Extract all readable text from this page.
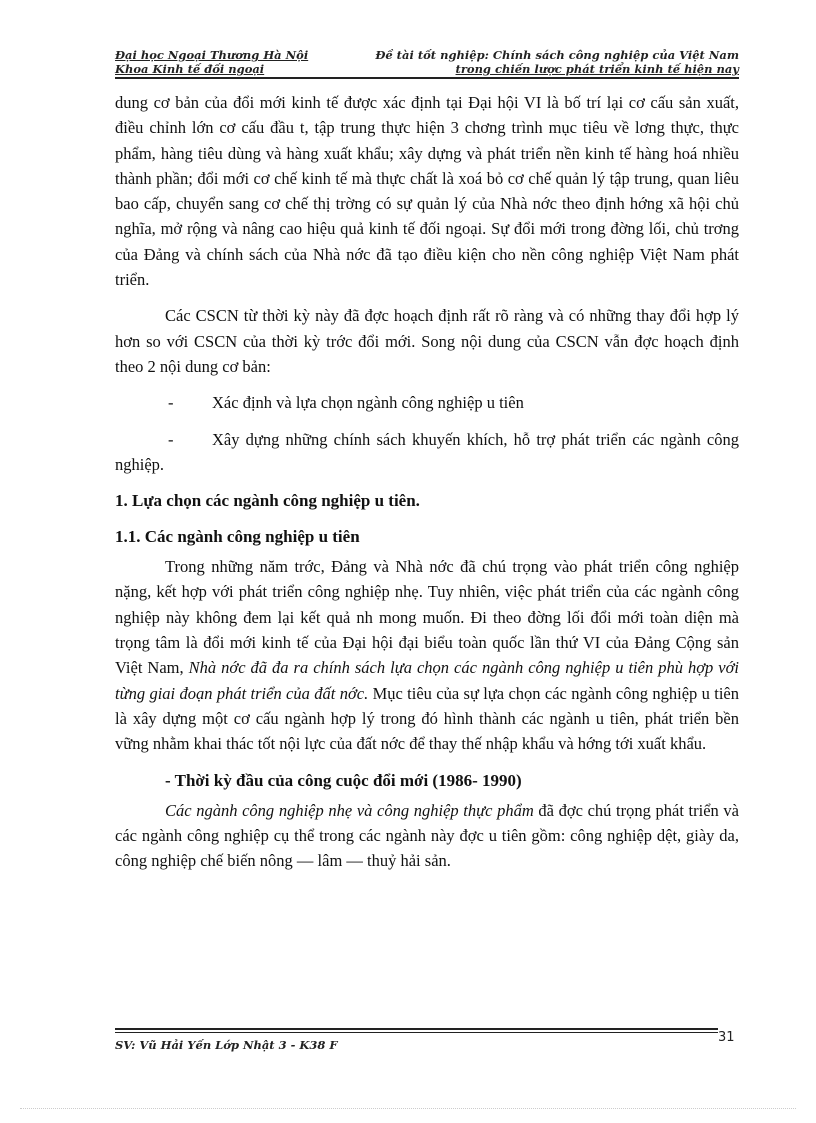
Đại học Ngoại Thương Hà Nội	Đề tài tốt nghiệp: Chính sách công nghiệp của Việt Nam
Khoa Kinh tế đối ngoại	trong chiến lược phát triển kinh tế hiện nay

dung cơ bản của đổi mới kinh tế được xác định tại Đại hội VI là bố trí lại cơ cấu sản xuất, điều chỉnh lớn cơ cấu đầu t, tập trung thực hiện 3 chơng trình mục tiêu về lơng thực, thực phẩm, hàng tiêu dùng và hàng xuất khẩu; xây dựng và phát triển nền kinh tế hàng hoá nhiều thành phần; đổi mới cơ chế kinh tế mà thực chất là xoá bỏ cơ chế quản lý tập trung, quan liêu bao cấp, chuyển sang cơ chế thị trờng có sự quản lý của Nhà nớc theo định hớng xã hội chủ nghĩa, mở rộng và nâng cao hiệu quả kinh tế đối ngoại. Sự đổi mới trong đờng lối, chủ trơng của Đảng và chính sách của Nhà nớc đã tạo điều kiện cho nền công nghiệp Việt Nam phát triển.

Các CSCN từ thời kỳ này đã đợc hoạch định rất rõ ràng và có những thay đổi hợp lý hơn so với CSCN của thời kỳ trớc đổi mới. Song nội dung của CSCN vẫn đợc hoạch định theo 2 nội dung cơ bản:

-	Xác định và lựa chọn ngành công nghiệp u tiên

- Xây dựng những chính sách khuyến khích, hỗ trợ phát triển các ngành công nghiệp.

1. Lựa chọn các ngành công nghiệp u tiên.
1.1. Các ngành công nghiệp u tiên

Trong những năm trớc, Đảng và Nhà nớc đã chú trọng vào phát triển công nghiệp nặng, kết hợp với phát triển công nghiệp nhẹ. Tuy nhiên, việc phát triển của các ngành công nghiệp này không đem lại kết quả nh mong muốn. Đi theo đờng lối đổi mới toàn diện mà trọng tâm là đổi mới kinh tế của Đại hội đại biểu toàn quốc lần thứ VI của Đảng Cộng sản Việt Nam, Nhà nớc đã đa ra chính sách lựa chọn các ngành công nghiệp u tiên phù hợp với từng giai đoạn phát triển của đất nớc. Mục tiêu của sự lựa chọn các ngành công nghiệp u tiên là xây dựng một cơ cấu ngành hợp lý trong đó hình thành các ngành u tiên, phát triển bền vững nhằm khai thác tốt nội lực của đất nớc để thay thế nhập khẩu và hớng tới xuất khẩu.

- Thời kỳ đầu của công cuộc đổi mới (1986- 1990)

Các ngành công nghiệp nhẹ và công nghiệp thực phẩm đã đợc chú trọng phát triển và các ngành công nghiệp cụ thể trong các ngành này đợc u tiên gồm: công nghiệp dệt, giày da, công nghiệp chế biến nông — lâm — thuỷ hải sản.

SV: Vũ Hải Yến Lớp Nhật 3 - K38 F	31
